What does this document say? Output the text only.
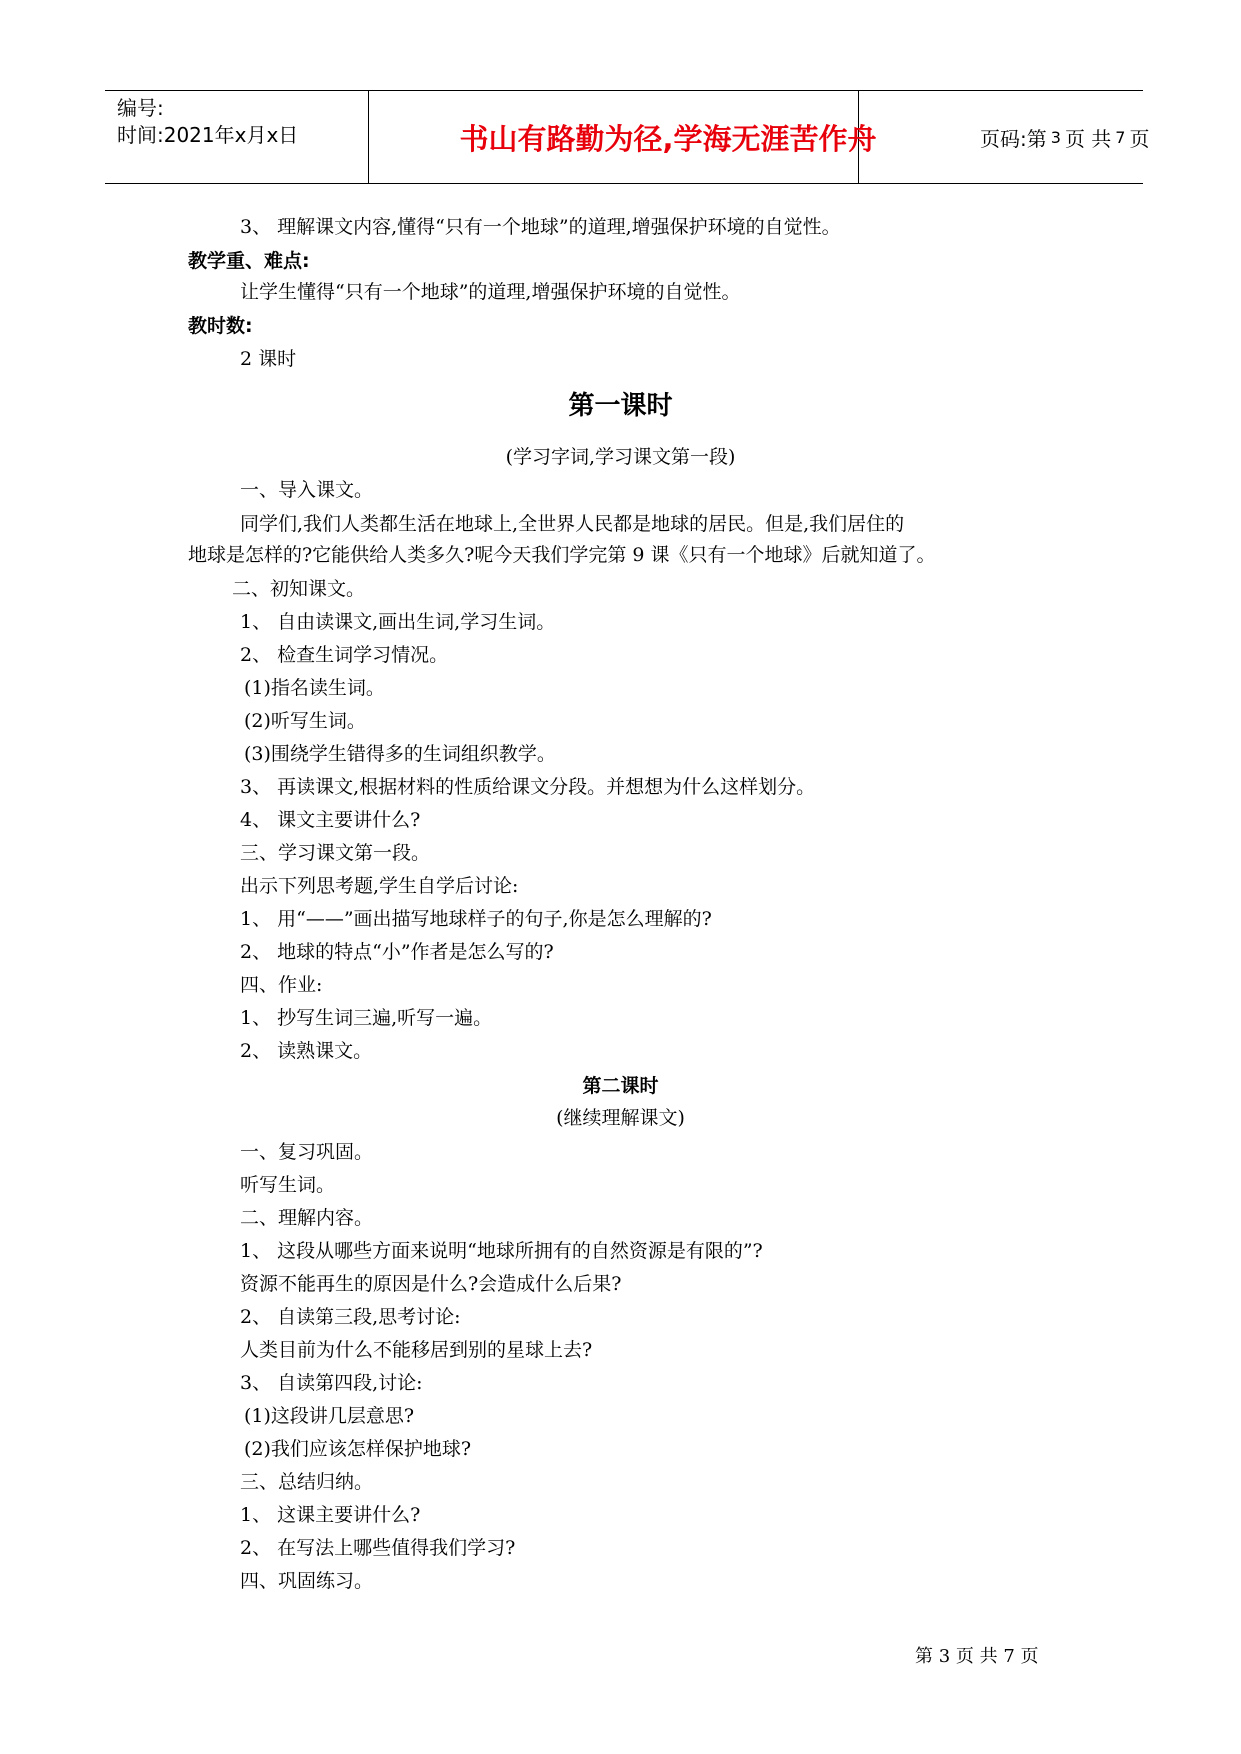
编号:
时间:2021年x月x日	书山有路勤为径,学海无涯苦作舟	页码:第 3 页 共 7 页
3、 理解课文内容,懂得“只有一个地球”的道理,增强保护环境的自觉性。
教学重、难点:
让学生懂得“只有一个地球”的道理,增强保护环境的自觉性。
教时数:
2 课时
第一课时
(学习字词,学习课文第一段)
一、导入课文。
同学们,我们人类都生活在地球上,全世界人民都是地球的居民。但是,我们居住的
地球是怎样的?它能供给人类多久?呢今天我们学完第 9 课《只有一个地球》后就知道了。
二、初知课文。
1、 自由读课文,画出生词,学习生词。
2、 检查生词学习情况。
(1)指名读生词。
(2)听写生词。
(3)围绕学生错得多的生词组织教学。
3、 再读课文,根据材料的性质给课文分段。并想想为什么这样划分。
4、 课文主要讲什么?
三、学习课文第一段。
出示下列思考题,学生自学后讨论:
1、 用“——”画出描写地球样子的句子,你是怎么理解的?
2、 地球的特点“小”作者是怎么写的?
四、作业:
1、 抄写生词三遍,听写一遍。
2、 读熟课文。
第二课时
(继续理解课文)
一、复习巩固。
听写生词。
二、理解内容。
1、 这段从哪些方面来说明“地球所拥有的自然资源是有限的”?
资源不能再生的原因是什么?会造成什么后果?
2、 自读第三段,思考讨论:
人类目前为什么不能移居到别的星球上去?
3、 自读第四段,讨论:
(1)这段讲几层意思?
(2)我们应该怎样保护地球?
三、总结归纳。
1、 这课主要讲什么?
2、 在写法上哪些值得我们学习?
四、巩固练习。
第 3 页 共 7 页
